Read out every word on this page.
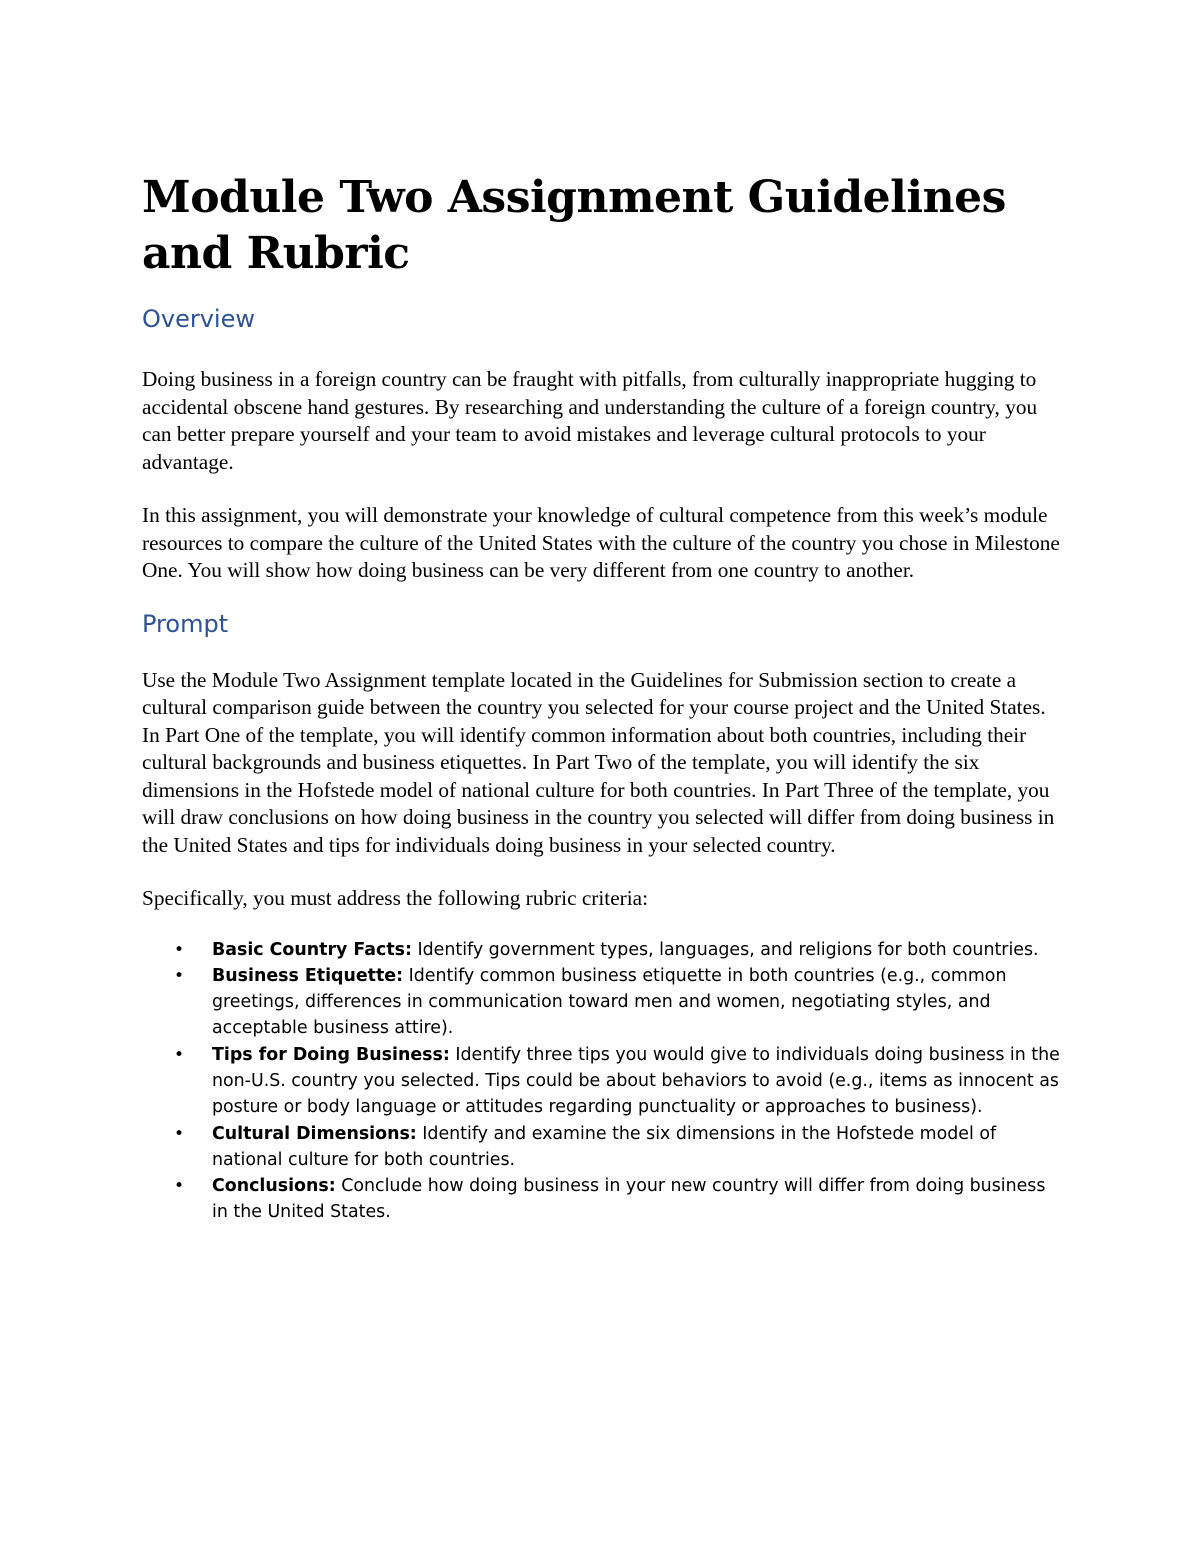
Module Two Assignment Guidelines and Rubric
Overview

Doing business in a foreign country can be fraught with pitfalls, from culturally inappropriate hugging to accidental obscene hand gestures. By researching and understanding the culture of a foreign country, you can better prepare yourself and your team to avoid mistakes and leverage cultural protocols to your advantage.

In this assignment, you will demonstrate your knowledge of cultural competence from this week’s module resources to compare the culture of the United States with the culture of the country you chose in Milestone One. You will show how doing business can be very different from one country to another.

Prompt

Use the Module Two Assignment template located in the Guidelines for Submission section to create a cultural comparison guide between the country you selected for your course project and the United States. In Part One of the template, you will identify common information about both countries, including their cultural backgrounds and business etiquettes. In Part Two of the template, you will identify the six dimensions in the Hofstede model of national culture for both countries. In Part Three of the template, you will draw conclusions on how doing business in the country you selected will differ from doing business in the United States and tips for individuals doing business in your selected country.

Specifically, you must address the following rubric criteria:

• Basic Country Facts: Identify government types, languages, and religions for both countries.
• Business Etiquette: Identify common business etiquette in both countries (e.g., common greetings, differences in communication toward men and women, negotiating styles, and acceptable business attire).
• Tips for Doing Business: Identify three tips you would give to individuals doing business in the non-U.S. country you selected. Tips could be about behaviors to avoid (e.g., items as innocent as posture or body language or attitudes regarding punctuality or approaches to business).
• Cultural Dimensions: Identify and examine the six dimensions in the Hofstede model of national culture for both countries.
• Conclusions: Conclude how doing business in your new country will differ from doing business in the United States.
